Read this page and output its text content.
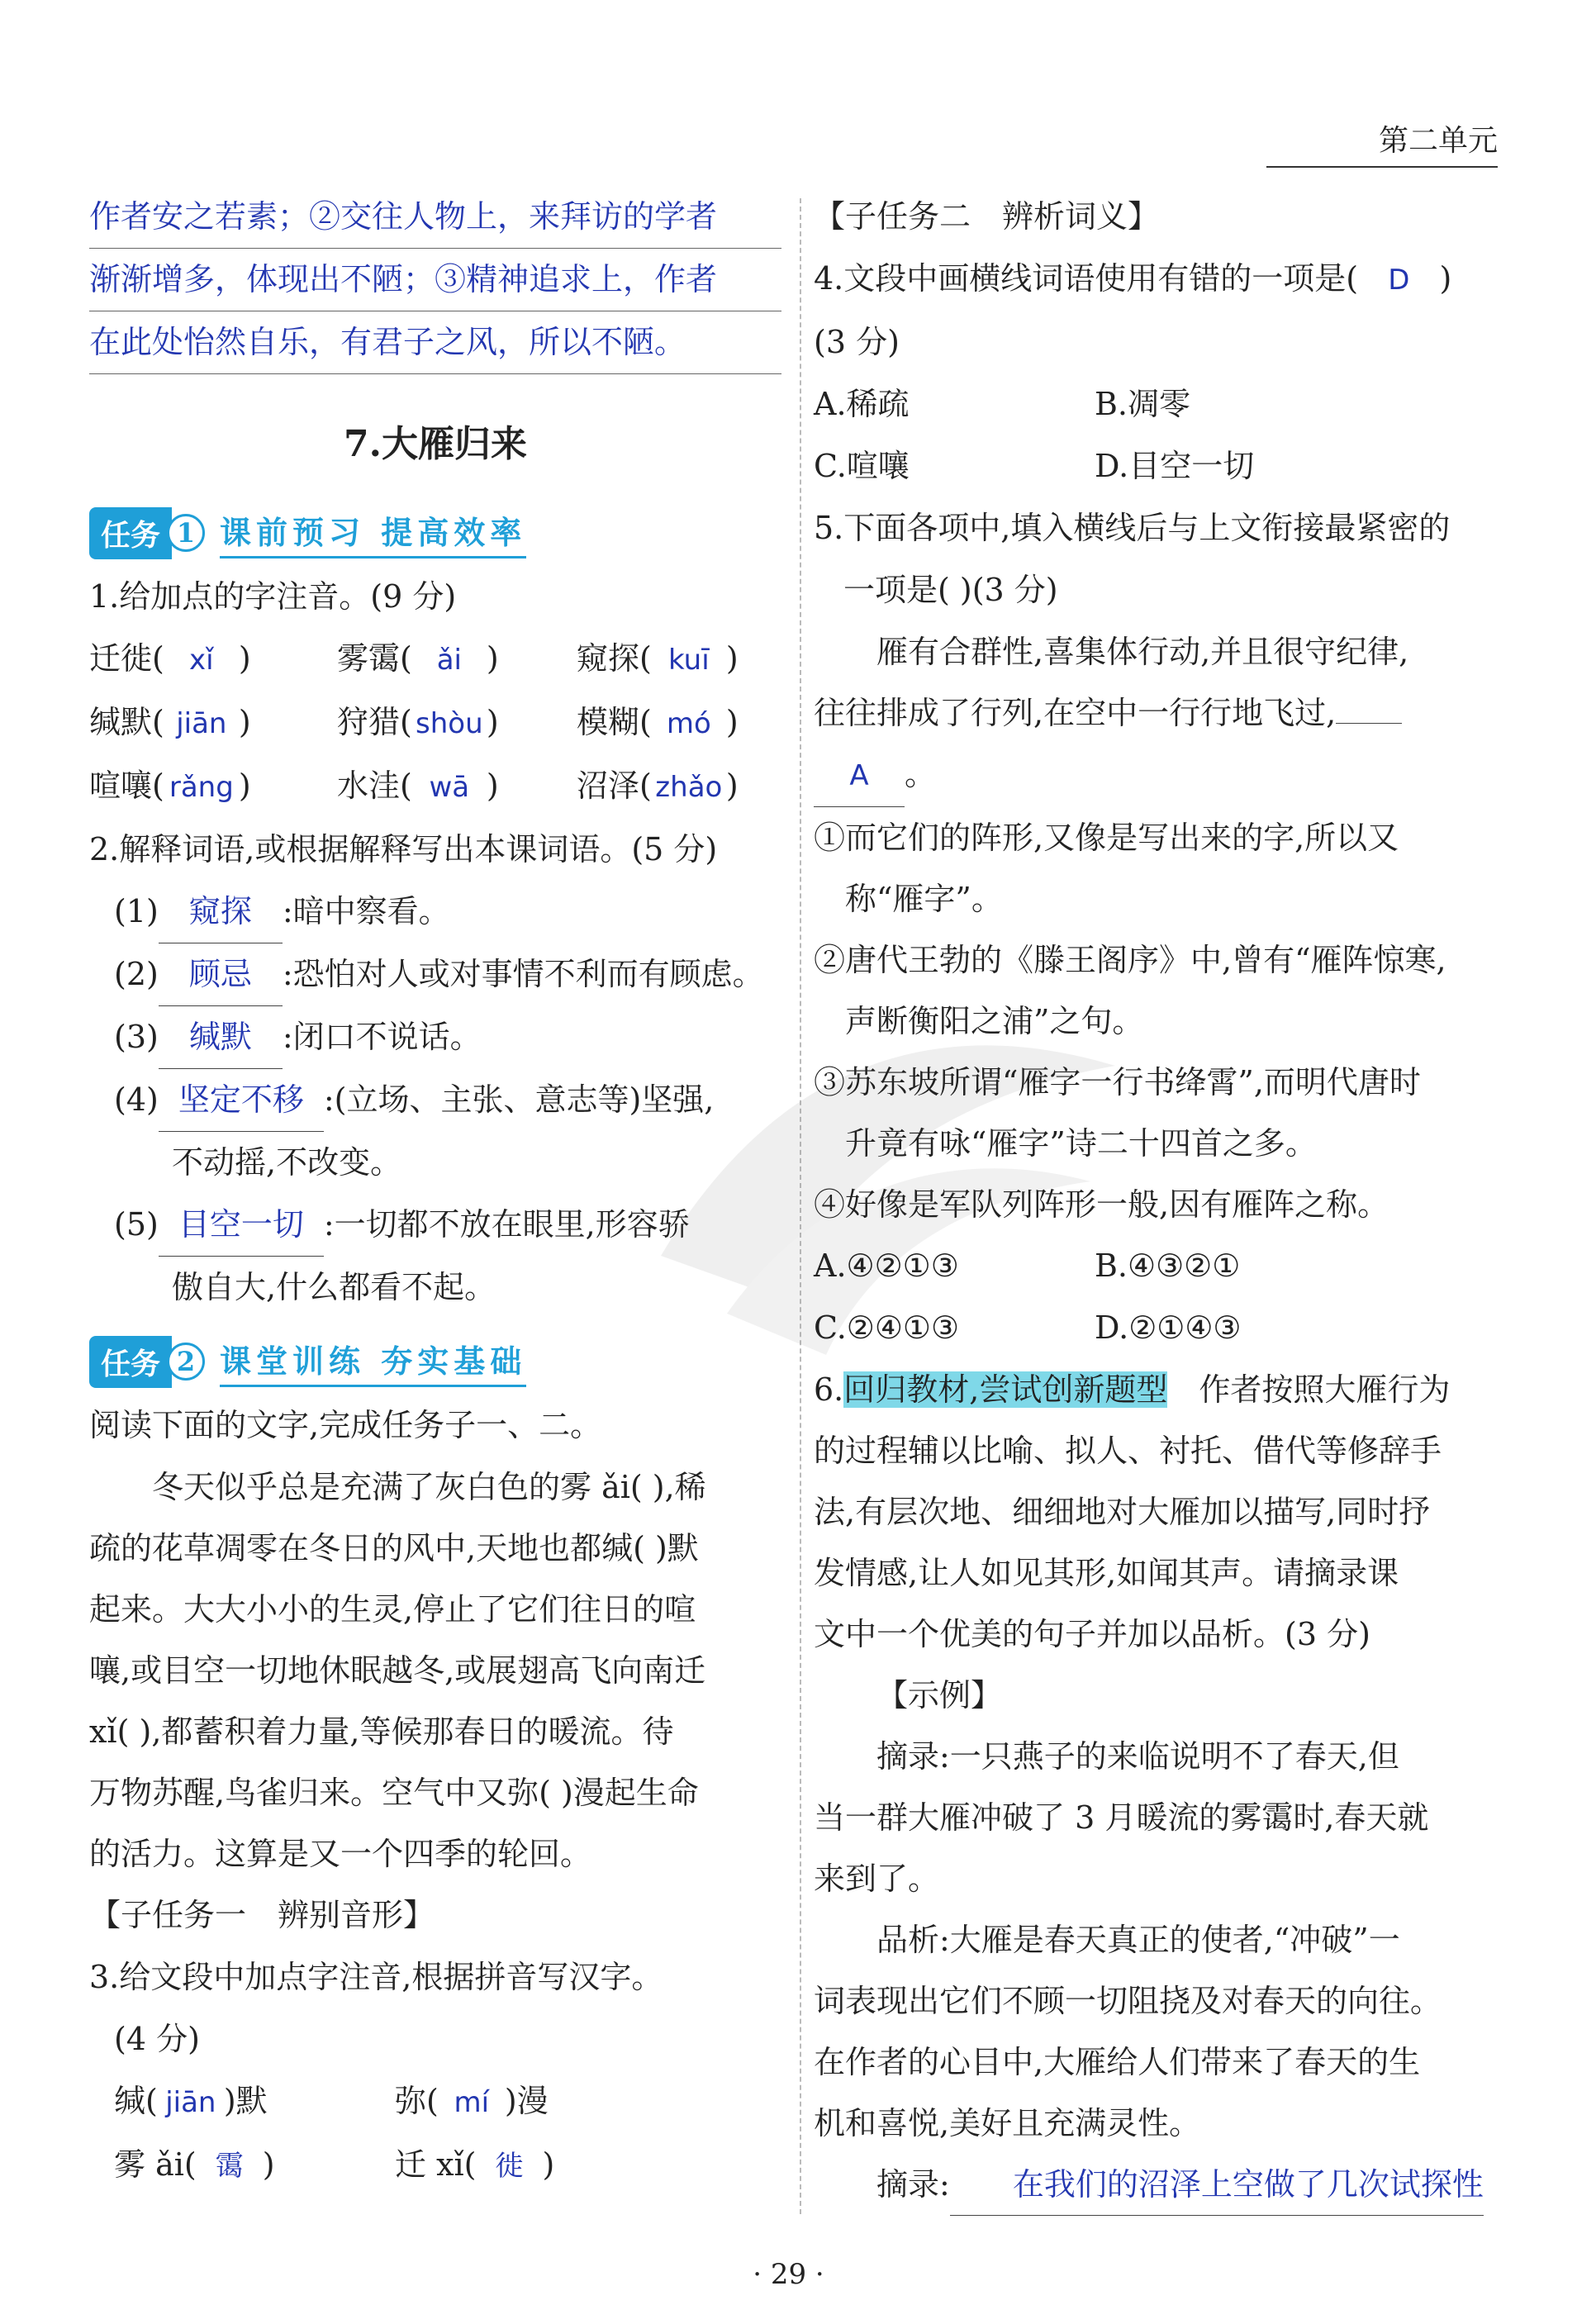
第二单元
作者安之若素；②交往人物上，来拜访的学者
渐渐增多，体现出不陋；③精神追求上，作者
在此处怡然自乐，有君子之风，所以不陋。
7.大雁归来
任务 1 课前预习 提高效率
1.给加点的字注音。(9 分)
迁徙( xǐ )	雾霭( ǎi )	窥探( kuī )
缄默( jiān )	狩猎( shòu )	模糊( mó )
喧嚷( rǎng )	水洼( wā )	沼泽( zhǎo )
2.解释词语,或根据解释写出本课词语。(5 分)
(1) 窥探 :暗中察看。
(2) 顾忌 :恐怕对人或对事情不利而有顾虑。
(3) 缄默 :闭口不说话。
(4) 坚定不移 :(立场、主张、意志等)坚强,
不动摇,不改变。
(5) 目空一切 :一切都不放在眼里,形容骄
傲自大,什么都看不起。
任务 2 课堂训练 夯实基础
阅读下面的文字,完成任务子一、二。
冬天似乎总是充满了灰白色的雾 ǎi( ),稀
疏的花草凋零在冬日的风中,天地也都缄( )默
起来。大大小小的生灵,停止了它们往日的喧
嚷,或目空一切地休眠越冬,或展翅高飞向南迁
xǐ( ),都蓄积着力量,等候那春日的暖流。待
万物苏醒,鸟雀归来。空气中又弥( )漫起生命
的活力。这算是又一个四季的轮回。
【子任务一　辨别音形】
3.给文段中加点字注音,根据拼音写汉字。
(4 分)
缄( jiān )默	弥( mí )漫
雾 ǎi( 霭 )	迁 xǐ( 徙 )
【子任务二　辨析词义】
4.文段中画横线词语使用有错的一项是( D )
(3 分)
A.稀疏	B.凋零
C.喧嚷	D.目空一切
5.下面各项中,填入横线后与上文衔接最紧密的
一项是( )(3 分)
雁有合群性,喜集体行动,并且很守纪律,
往往排成了行列,在空中一行行地飞过,
A 。
①而它们的阵形,又像是写出来的字,所以又
称“雁字”。
②唐代王勃的《滕王阁序》中,曾有“雁阵惊寒,
声断衡阳之浦”之句。
③苏东坡所谓“雁字一行书绛霄”,而明代唐时
升竟有咏“雁字”诗二十四首之多。
④好像是军队列阵形一般,因有雁阵之称。
A.④②①③	B.④③②①
C.②④①③	D.②①④③
6.回归教材,尝试创新题型　 作者按照大雁行为
的过程辅以比喻、拟人、衬托、借代等修辞手
法,有层次地、细细地对大雁加以描写,同时抒
发情感,让人如见其形,如闻其声。请摘录课
文中一个优美的句子并加以品析。(3 分)
【示例】
摘录:一只燕子的来临说明不了春天,但
当一群大雁冲破了 3 月暖流的雾霭时,春天就
来到了。
品析:大雁是春天真正的使者,“冲破”一
词表现出它们不顾一切阻挠及对春天的向往。
在作者的心目中,大雁给人们带来了春天的生
机和喜悦,美好且充满灵性。
摘录: 在我们的沼泽上空做了几次试探性
· 29 ·
